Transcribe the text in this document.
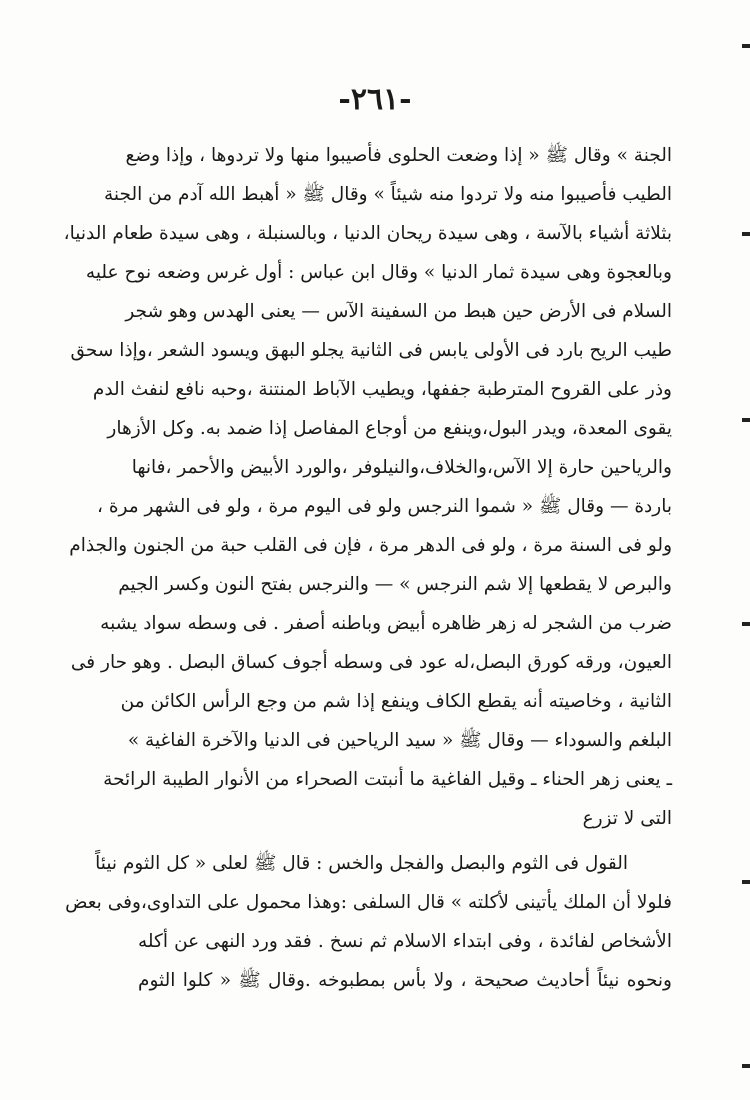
-٢٦١-
الجنة » وقال ﷺ « إذا وضعت الحلوى فأصيبوا منها ولا تردوها ، وإذا وضع
الطيب فأصيبوا منه ولا تردوا منه شيئاً » وقال ﷺ « أهبط الله آدم من الجنة
بثلاثة أشياء بالآسة ، وهى سيدة ريحان الدنيا ، وبالسنبلة ، وهى سيدة طعام الدنيا،
وبالعجوة وهى سيدة ثمار الدنيا » وقال ابن عباس : أول غرس وضعه نوح عليه
السلام فى الأرض حين هبط من السفينة الآس — يعنى الهدس وهو شجر
طيب الريح بارد فى الأولى يابس فى الثانية يجلو البهق ويسود الشعر ،وإذا سحق
وذر على القروح المترطبة جففها، ويطيب الآباط المنتنة ،وحبه نافع لنفث الدم
يقوى المعدة، ويدر البول،وينفع من أوجاع المفاصل إذا ضمد به. وكل الأزهار
والرياحين حارة إلا الآس،والخلاف،والنيلوفر ،والورد الأبيض والأحمر ،فانها
باردة — وقال ﷺ « شموا النرجس ولو فى اليوم مرة ، ولو فى الشهر مرة ،
ولو فى السنة مرة ، ولو فى الدهر مرة ، فإن فى القلب حبة من الجنون والجذام
والبرص لا يقطعها إلا شم النرجس » — والنرجس بفتح النون وكسر الجيم
ضرب من الشجر له زهر ظاهره أبيض وباطنه أصفر . فى وسطه سواد يشبه
العيون، ورقه كورق البصل،له عود فى وسطه أجوف كساق البصل . وهو حار فى
الثانية ، وخاصيته أنه يقطع الكاف وينفع إذا شم من وجع الرأس الكائن من
البلغم والسوداء — وقال ﷺ « سيد الرياحين فى الدنيا والآخرة الفاغية »
ـ يعنى زهر الحناء ـ وقيل الفاغية ما أنبتت الصحراء من الأنوار الطيبة الرائحة
التى لا تزرع
القول فى الثوم والبصل والفجل والخس : قال ﷺ لعلى « كل الثوم نيئاً
فلولا أن الملك يأتينى لأكلته » قال السلفى :وهذا محمول على التداوى،وفى بعض
الأشخاص لفائدة ، وفى ابتداء الاسلام ثم نسخ . فقد ورد النهى عن أكله
ونحوه نيئاً أحاديث صحيحة ، ولا بأس بمطبوخه .وقال ﷺ « كلوا الثوم
